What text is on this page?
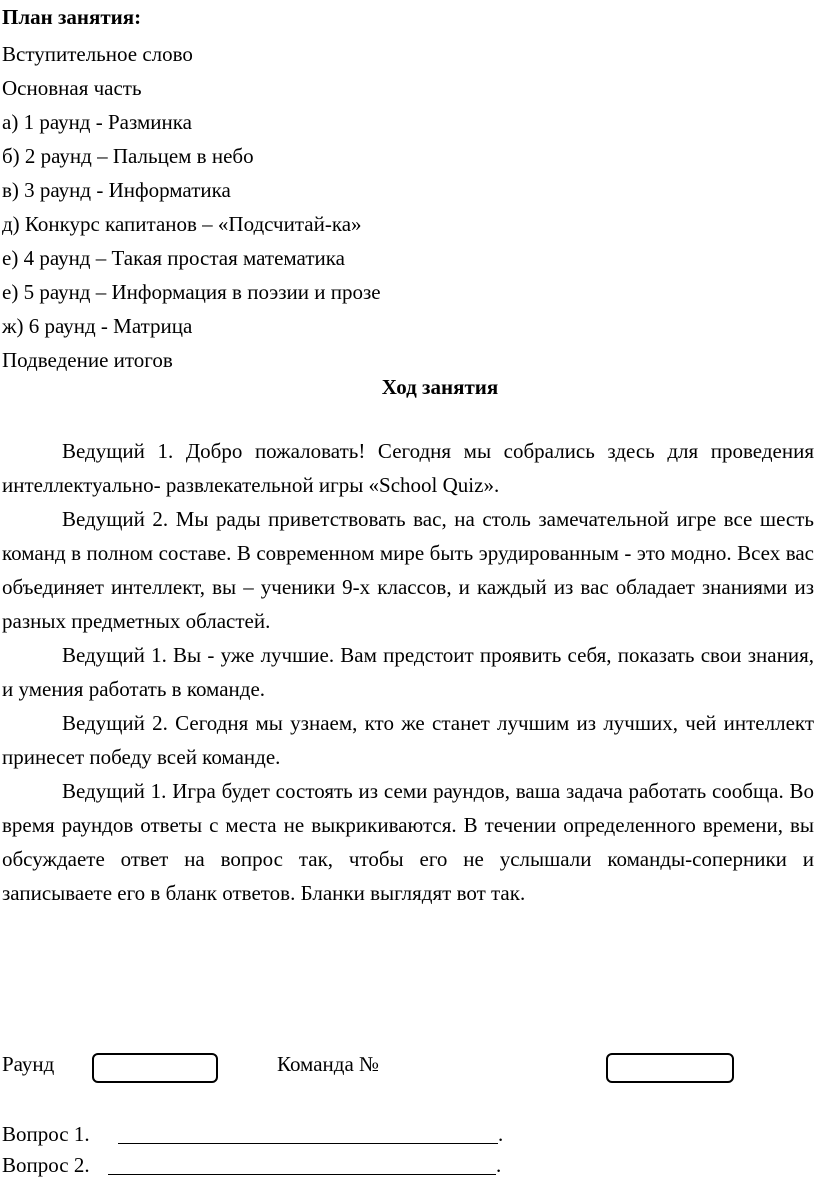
План занятия:
Вступительное слово
Основная часть
а) 1 раунд - Разминка
б) 2 раунд – Пальцем в небо
в) 3 раунд - Информатика
д) Конкурс капитанов – «Подсчитай-ка»
е) 4 раунд – Такая простая математика
е) 5 раунд – Информация в поэзии и прозе
ж) 6 раунд - Матрица
Подведение итогов
Ход занятия

Ведущий 1. Добро пожаловать! Сегодня мы собрались здесь для проведения интеллектуально- развлекательной игры «School Quiz».

Ведущий 2. Мы рады приветствовать вас, на столь замечательной игре все шесть команд в полном составе. В современном мире быть эрудированным - это модно. Всех вас объединяет интеллект, вы – ученики 9-х классов, и каждый из вас обладает знаниями из разных предметных областей.

Ведущий 1. Вы - уже лучшие. Вам предстоит проявить себя, показать свои знания, и умения работать в команде.

Ведущий 2. Сегодня мы узнаем, кто же станет лучшим из лучших, чей интеллект принесет победу всей команде.

Ведущий 1. Игра будет состоять из семи раундов, ваша задача работать сообща. Во время раундов ответы с места не выкрикиваются. В течении определенного времени, вы обсуждаете ответ на вопрос так, чтобы его не услышали команды-соперники и записываете его в бланк ответов. Бланки выглядят вот так.

Раунд	Команда №
Вопрос 1.	.
Вопрос 2.	.
